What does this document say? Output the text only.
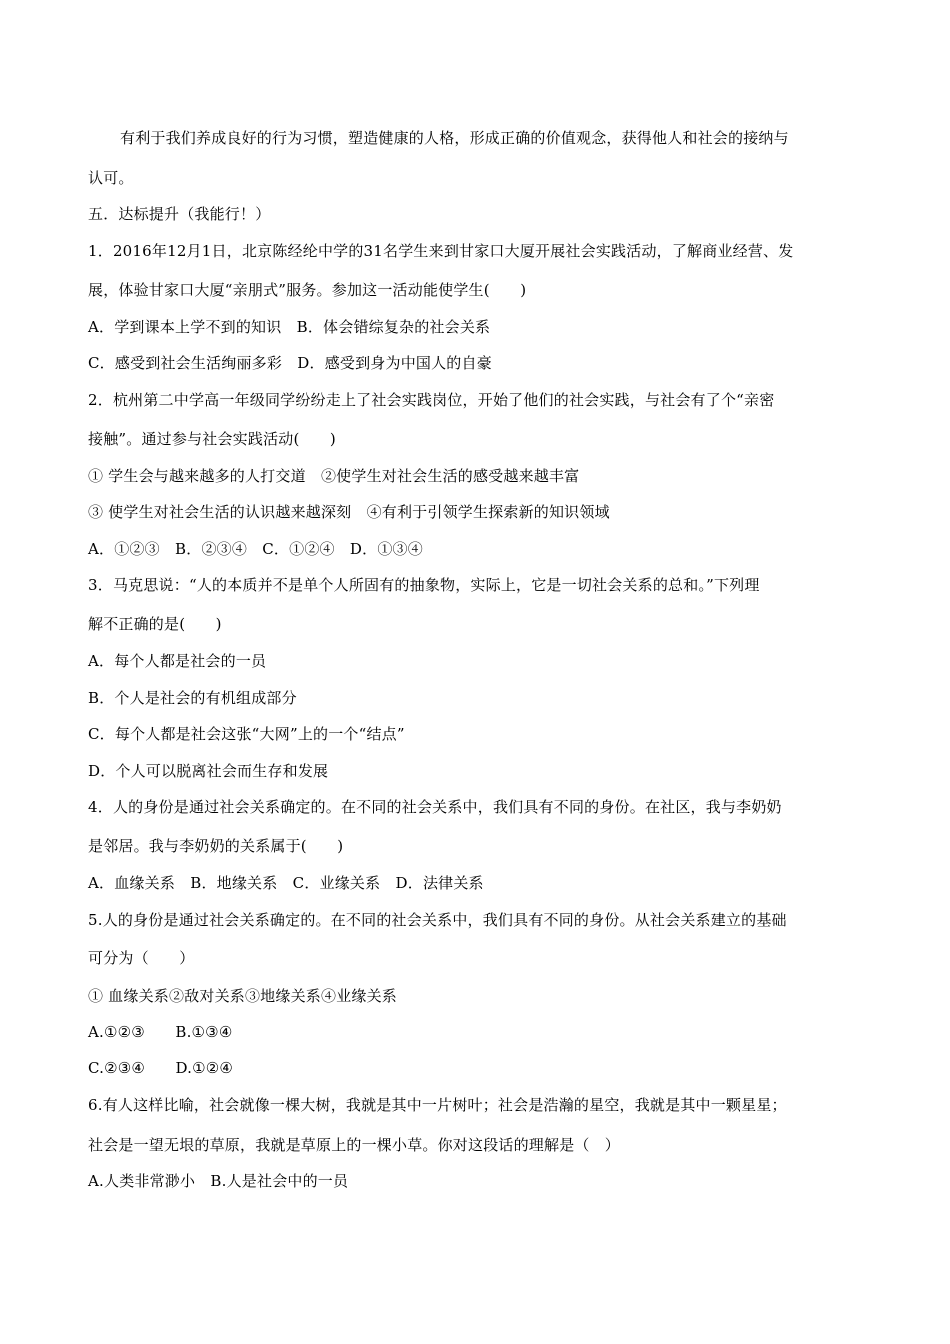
有利于我们养成良好的行为习惯，塑造健康的人格，形成正确的价值观念，获得他人和社会的接纳与
认可。
五．达标提升（我能行！）
1．2016年12月1日，北京陈经纶中学的31名学生来到甘家口大厦开展社会实践活动，了解商业经营、发
展，体验甘家口大厦“亲朋式”服务。参加这一活动能使学生(　　)
A．学到课本上学不到的知识　B．体会错综复杂的社会关系
C．感受到社会生活绚丽多彩　D．感受到身为中国人的自豪
2．杭州第二中学高一年级同学纷纷走上了社会实践岗位，开始了他们的社会实践，与社会有了个“亲密
接触”。通过参与社会实践活动(　　)
① 学生会与越来越多的人打交道　②使学生对社会生活的感受越来越丰富
③ 使学生对社会生活的认识越来越深刻　④有利于引领学生探索新的知识领域
A．①②③　B．②③④　C．①②④　D．①③④
3．马克思说：“人的本质并不是单个人所固有的抽象物，实际上，它是一切社会关系的总和。”下列理
解不正确的是(　　)
A．每个人都是社会的一员
B．个人是社会的有机组成部分
C．每个人都是社会这张“大网”上的一个“结点”
D．个人可以脱离社会而生存和发展
4．人的身份是通过社会关系确定的。在不同的社会关系中，我们具有不同的身份。在社区，我与李奶奶
是邻居。我与李奶奶的关系属于(　　)
A．血缘关系　B．地缘关系　C．业缘关系　D．法律关系
5.人的身份是通过社会关系确定的。在不同的社会关系中，我们具有不同的身份。从社会关系建立的基础
可分为（　　）
① 血缘关系②敌对关系③地缘关系④业缘关系
A.①②③　　B.①③④
C.②③④　　D.①②④
6.有人这样比喻，社会就像一棵大树，我就是其中一片树叶；社会是浩瀚的星空，我就是其中一颗星星；
社会是一望无垠的草原，我就是草原上的一棵小草。你对这段话的理解是（　）
A.人类非常渺小　B.人是社会中的一员
